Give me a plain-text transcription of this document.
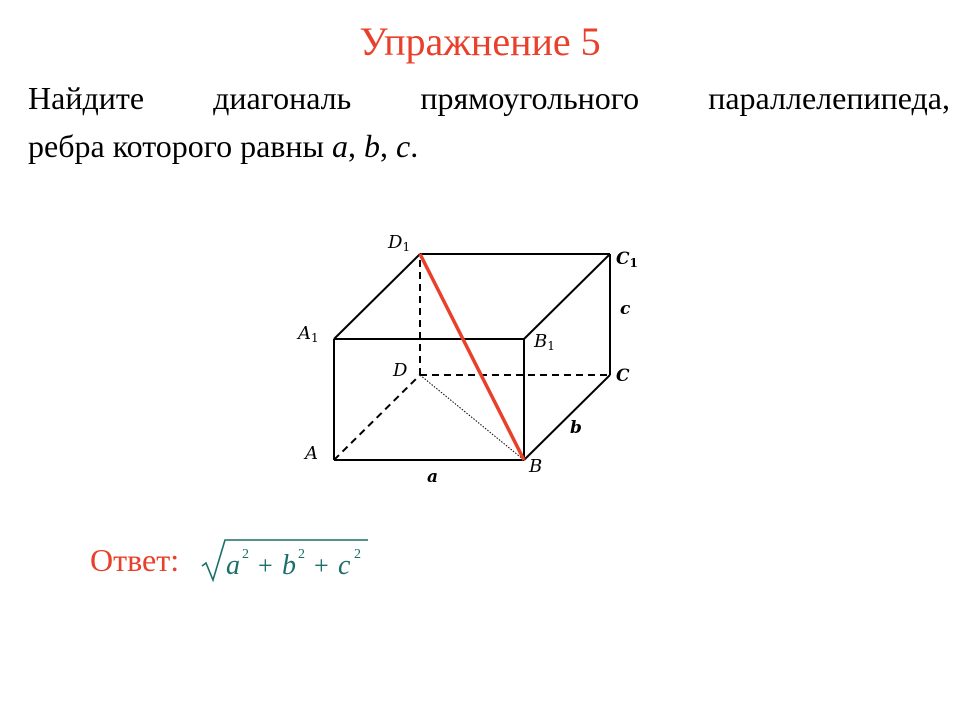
Упражнение 5
Найдите диагональ прямоугольного параллелепипеда,
ребра которого равны a, b, c.
D1
C1
A1	B1
D	C
A
B
c
b
a
Ответ: a 2 + b 2 + c 2
